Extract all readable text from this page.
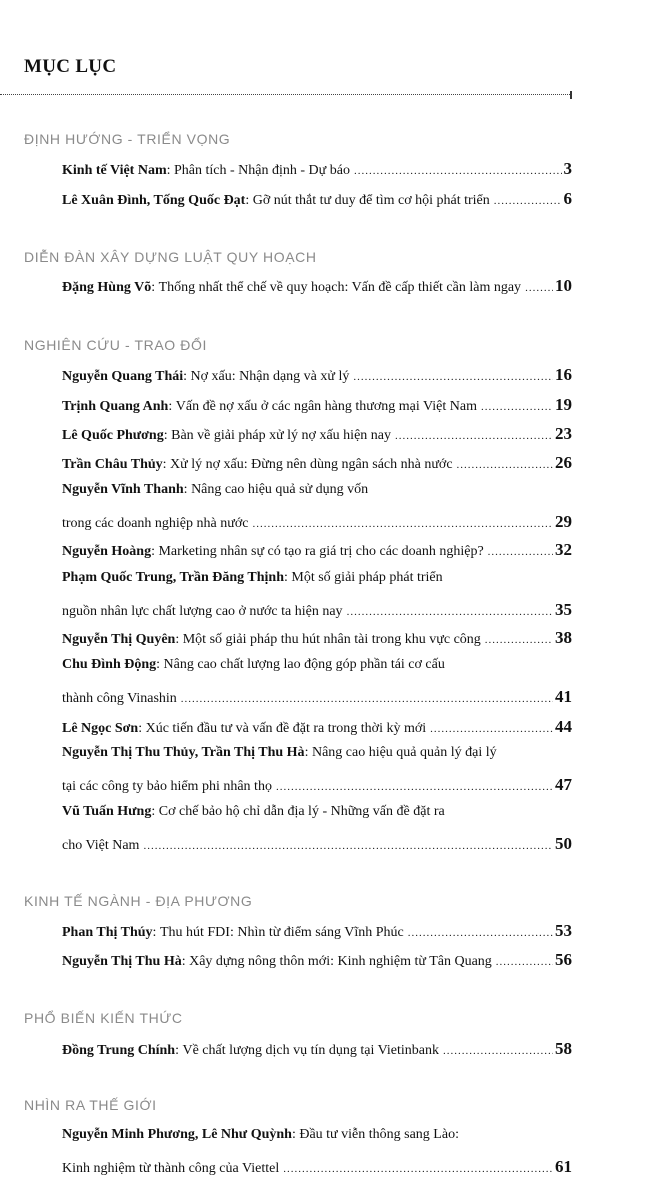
MỤC LỤC
ĐỊNH HƯỚNG - TRIỂN VỌNG
Kinh tế Việt Nam : Phân tích - Nhận định - Dự báo .....	3
Lê Xuân Đình, Tống Quốc Đạt : Gỡ nút thắt tư duy để tìm cơ hội phát triển .....	6
DIỄN ĐÀN XÂY DỰNG LUẬT QUY HOẠCH
Đặng Hùng Võ : Thống nhất thể chế về quy hoạch: Vấn đề cấp thiết cần làm ngay ..... 10
NGHIÊN CỨU - TRAO ĐỔI
Nguyễn Quang Thái : Nợ xấu: Nhận dạng và xử lý .....	16
Trịnh Quang Anh : Vấn đề nợ xấu ở các ngân hàng thương mại Việt Nam .....	19
Lê Quốc Phương : Bàn về giải pháp xử lý nợ xấu hiện nay .....	23
Trần Châu Thủy : Xử lý nợ xấu: Đừng nên dùng ngân sách nhà nước .....	26
Nguyễn Vĩnh Thanh : Nâng cao hiệu quả sử dụng vốn
trong các doanh nghiệp nhà nước .....	29
Nguyễn Hoàng : Marketing nhân sự có tạo ra giá trị cho các doanh nghiệp? .....	32
Phạm Quốc Trung, Trần Đăng Thịnh : Một số giải pháp phát triển
nguồn nhân lực chất lượng cao ở nước ta hiện nay .....	35
Nguyễn Thị Quyên : Một số giải pháp thu hút nhân tài trong khu vực công .....	38
Chu Đình Động : Nâng cao chất lượng lao động góp phần tái cơ cấu
thành công Vinashin .....	41
Lê Ngọc Sơn : Xúc tiến đầu tư và vấn đề đặt ra trong thời kỳ mới .....	44
Nguyễn Thị Thu Thủy, Trần Thị Thu Hà : Nâng cao hiệu quả quản lý đại lý
tại các công ty bảo hiểm phi nhân thọ .....	47
Vũ Tuấn Hưng : Cơ chế bảo hộ chỉ dẫn địa lý - Những vấn đề đặt ra
cho Việt Nam .....	50
KINH TẾ NGÀNH - ĐỊA PHƯƠNG
Phan Thị Thúy : Thu hút FDI: Nhìn từ điểm sáng Vĩnh Phúc .....	53
Nguyễn Thị Thu Hà : Xây dựng nông thôn mới: Kinh nghiệm từ Tân Quang .....	56
PHỔ BIẾN KIẾN THỨC
Đồng Trung Chính : Về chất lượng dịch vụ tín dụng tại Vietinbank .....	58
NHÌN RA THẾ GIỚI
Nguyễn Minh Phương, Lê Như Quỳnh : Đầu tư viễn thông sang Lào:
Kinh nghiệm từ thành công của Viettel .....	61
